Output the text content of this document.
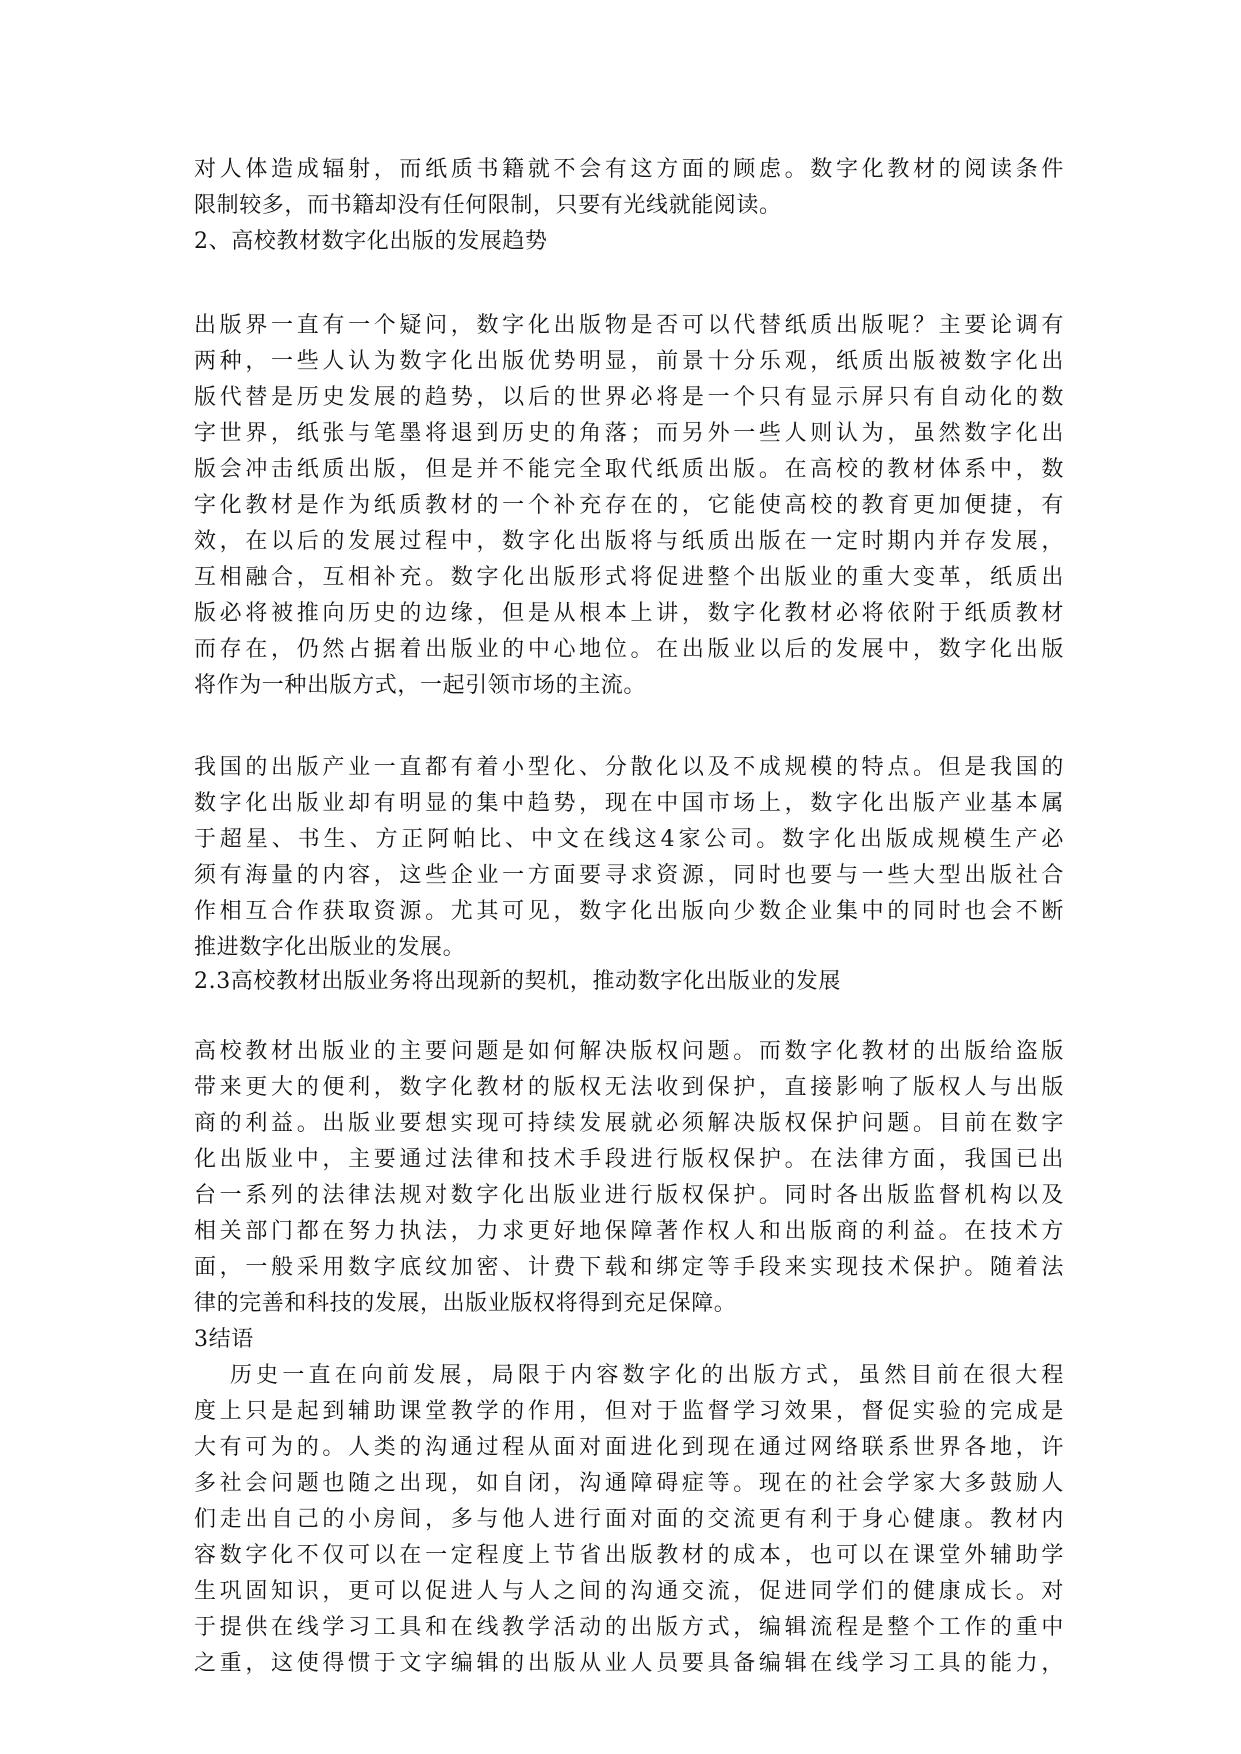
对人体造成辐射，而纸质书籍就不会有这方面的顾虑。数字化教材的阅读条件
限制较多，而书籍却没有任何限制，只要有光线就能阅读。
2、高校教材数字化出版的发展趋势
出版界一直有一个疑问，数字化出版物是否可以代替纸质出版呢？主要论调有
两种，一些人认为数字化出版优势明显，前景十分乐观，纸质出版被数字化出
版代替是历史发展的趋势，以后的世界必将是一个只有显示屏只有自动化的数
字世界，纸张与笔墨将退到历史的角落；而另外一些人则认为，虽然数字化出
版会冲击纸质出版，但是并不能完全取代纸质出版。在高校的教材体系中，数
字化教材是作为纸质教材的一个补充存在的，它能使高校的教育更加便捷，有
效，在以后的发展过程中，数字化出版将与纸质出版在一定时期内并存发展，
互相融合，互相补充。数字化出版形式将促进整个出版业的重大变革，纸质出
版必将被推向历史的边缘，但是从根本上讲，数字化教材必将依附于纸质教材
而存在，仍然占据着出版业的中心地位。在出版业以后的发展中，数字化出版
将作为一种出版方式，一起引领市场的主流。
我国的出版产业一直都有着小型化、分散化以及不成规模的特点。但是我国的
数字化出版业却有明显的集中趋势，现在中国市场上，数字化出版产业基本属
于超星、书生、方正阿帕比、中文在线这4家公司。数字化出版成规模生产必
须有海量的内容，这些企业一方面要寻求资源，同时也要与一些大型出版社合
作相互合作获取资源。尤其可见，数字化出版向少数企业集中的同时也会不断
推进数字化出版业的发展。
2.3高校教材出版业务将出现新的契机，推动数字化出版业的发展
高校教材出版业的主要问题是如何解决版权问题。而数字化教材的出版给盗版
带来更大的便利，数字化教材的版权无法收到保护，直接影响了版权人与出版
商的利益。出版业要想实现可持续发展就必须解决版权保护问题。目前在数字
化出版业中，主要通过法律和技术手段进行版权保护。在法律方面，我国已出
台一系列的法律法规对数字化出版业进行版权保护。同时各出版监督机构以及
相关部门都在努力执法，力求更好地保障著作权人和出版商的利益。在技术方
面，一般采用数字底纹加密、计费下载和绑定等手段来实现技术保护。随着法
律的完善和科技的发展，出版业版权将得到充足保障。
3结语
历史一直在向前发展，局限于内容数字化的出版方式，虽然目前在很大程
度上只是起到辅助课堂教学的作用，但对于监督学习效果，督促实验的完成是
大有可为的。人类的沟通过程从面对面进化到现在通过网络联系世界各地，许
多社会问题也随之出现，如自闭，沟通障碍症等。现在的社会学家大多鼓励人
们走出自己的小房间，多与他人进行面对面的交流更有利于身心健康。教材内
容数字化不仅可以在一定程度上节省出版教材的成本，也可以在课堂外辅助学
生巩固知识，更可以促进人与人之间的沟通交流，促进同学们的健康成长。对
于提供在线学习工具和在线教学活动的出版方式，编辑流程是整个工作的重中
之重，这使得惯于文字编辑的出版从业人员要具备编辑在线学习工具的能力，
